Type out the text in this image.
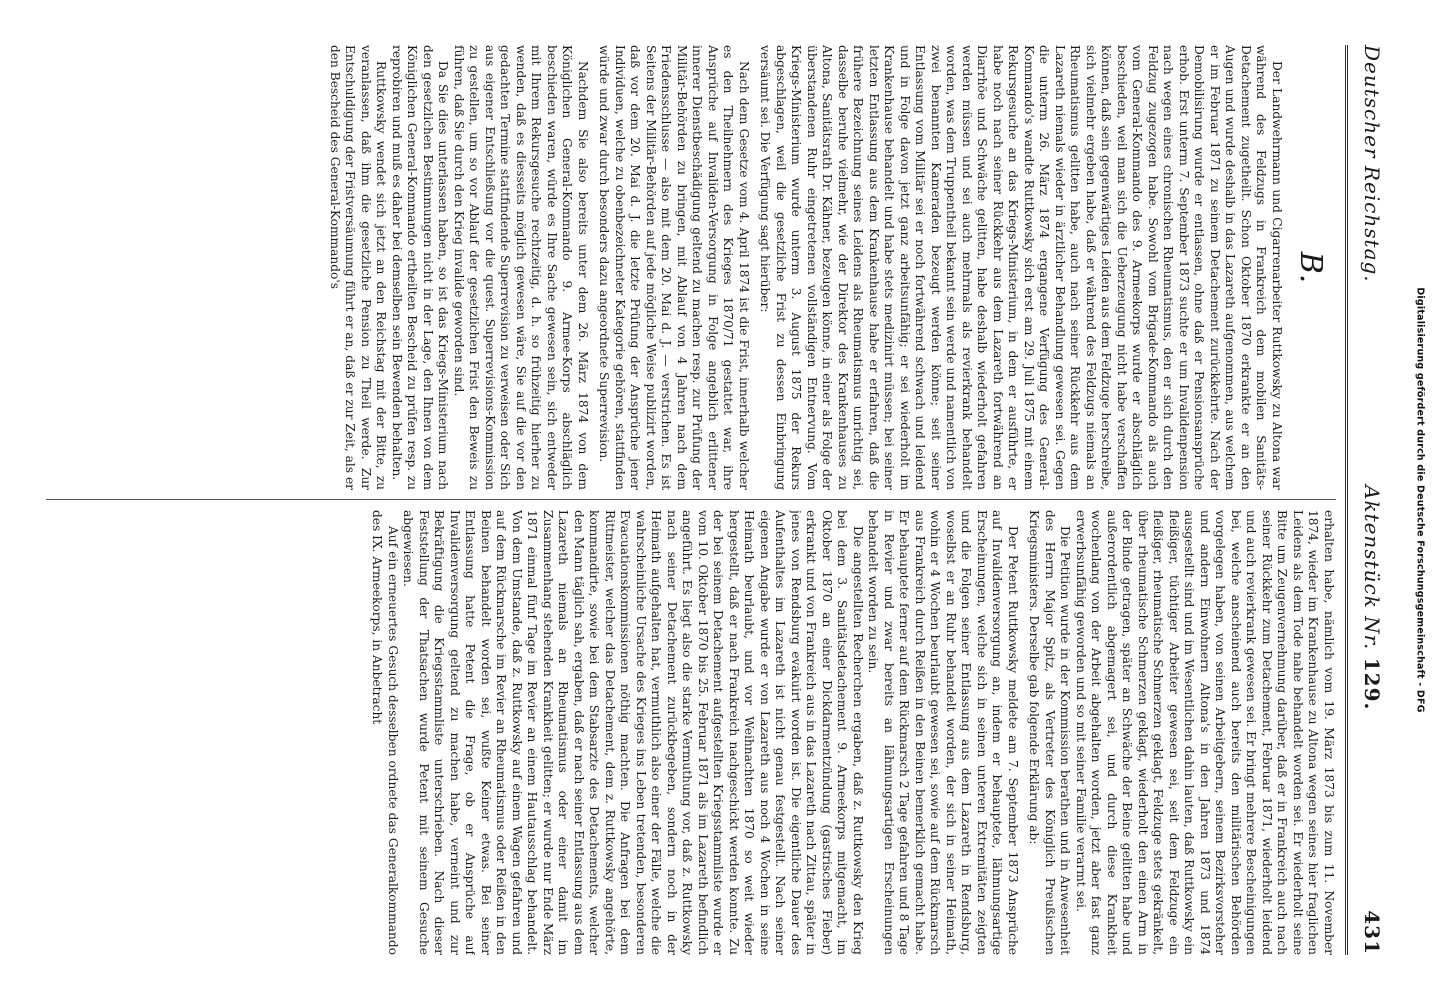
Deutscher Reichstag.
Aktenstück Nr. 129.
431
B.

Der Landwehrmann und Cigarrenarbeiter Ruttkowsky zu Altona war während des Feldzugs in Frankreich dem mobilen Sanitäts-Detachement zugetheilt. Schon Oktober 1870 erkrankte er an den Augen und wurde deshalb in das Lazareth aufgenommen, aus welchem er im Februar 1871 zu seinem Detachement zurückkehrte. Nach der Demobilisirung wurde er entlassen, ohne daß er Pensionsansprüche erhob. Erst unterm 7. September 1873 suchte er um Invalidenpension nach wegen eines chronischen Rheumatismus, den er sich durch den Feldzug zugezogen habe. Sowohl vom Brigade-Kommando als auch vom General-Kommando des 9. Armeekorps wurde er abschläglich beschieden, weil man sich die Ueberzeugung nicht habe verschaffen können, daß sein gegenwärtiges Leiden aus dem Feldzuge herschreibe, sich vielmehr ergeben habe, daß er während des Feldzugs niemals an Rheumatismus gelitten habe, auch nach seiner Rückkehr aus dem Lazareth niemals wieder in ärztlicher Behandlung gewesen sei. Gegen die unterm 26. März 1874 ergangene Verfügung des General-Kommando's wandte Ruttkowsky sich erst am 29. Juli 1875 mit einem Rekursgesuche an das Kriegs-Ministerium, in dem er ausführte, er habe noch nach seiner Rückkehr aus dem Lazareth fortwährend an Diarrhöe und Schwäche gelitten, habe deshalb wiederholt gefahren werden müssen und sei auch mehrmals als revierkrank behandelt worden, was dem Truppentheil bekannt sein werde und namentlich von zwei benannten Kameraden bezeugt werden könne; seit seiner Entlassung vom Militär sei er noch fortwährend schwach und leidend und in Folge davon jetzt ganz arbeitsunfähig; er sei wiederholt im Krankenhause behandelt und habe stets medizinirt müssen; bei seiner letzten Entlassung aus dem Krankenhause habe er erfahren, daß die frühere Bezeichnung seines Leidens als Rheumatismus unrichtig sei, dasselbe beruhe vielmehr, wie der Direktor des Krankenhauses zu Altona, Sanitätsrath Dr. Kähner, bezeugen könne, in einer als Folge der überstandenen Ruhr eingetretenen vollständigen Entnervung. Vom Kriegs-Ministerium wurde unterm 3. August 1875 der Rekurs abgeschlagen, weil die gesetzliche Frist zu dessen Einbringung versäumt sei. Die Verfügung sagt hierüber:

Nach dem Gesetze vom 4. April 1874 ist die Frist, innerhalb welcher es den Theilnehmern des Krieges 1870/71 gestattet war, ihre Ansprüche auf Invaliden-Versorgung in Folge angeblich erlittener innerer Dienstbeschädigung geltend zu machen resp. zur Prüfung der Militär-Behörden zu bringen, mit Ablauf von 4 Jahren nach dem Friedensschlusse — also mit dem 20. Mai d. J. — verstrichen. Es ist Seitens der Militär-Behörden auf jede mögliche Weise publizirt worden, daß vor dem 20. Mai d. J. die letzte Prüfung der Ansprüche jener Individuen, welche zu obenbezeichneter Kategorie gehören, stattfinden würde und zwar durch besonders dazu angeordnete Superrevision.

Nachdem Sie also bereits unter dem 26. März 1874 von dem Königlichen General-Kommando 9. Armee-Korps abschläglich beschieden waren, würde es Ihre Sache gewesen sein, sich entweder mit Ihrem Rekursgesuche rechtzeitig, d. h. so frühzeitig hierher zu wenden, daß es diesseits möglich gewesen wäre, Sie auf die vor den gedachten Termine stattfindende Superrevision zu verweisen oder Sich aus eigener Entschließung vor die quest. Superrevisions-Kommission zu gestellen, um so vor Ablauf der gesetzlichen Frist den Beweis zu führen, daß Sie durch den Krieg invalide geworden sind.

Da Sie dies unterlassen haben, so ist das Kriegs-Ministerium nach den gesetzlichen Bestimmungen nicht in der Lage, den Ihnen von dem Königlichen General-Kommando ertheilten Bescheid zu prüfen resp. zu reprobiren und muß es daher bei demselben sein Bewenden behalten.

Ruttkowsky wendet sich jetzt an den Reichstag mit der Bitte, zu veranlassen, daß ihm die gesetzliche Pension zu Theil werde. Zur Entschuldigung der Fristversäumung führt er an, daß er zur Zeit, als er den Bescheid des General-Kommando's

erhalten habe, nämlich vom 19. März 1873 bis zum 11. November 1874, wieder im Krankenhause zu Altona wegen seines hier fraglichen Leidens als dem Tode nahe behandelt worden sei. Er wiederholt seine Bitte um Zeugenvernehmung darüber, daß er in Frankreich auch nach seiner Rückkehr zum Detachement, Februar 1871, wiederholt leidend und auch revierkrank gewesen sei. Er bringt mehrere Bescheinigungen bei, welche anscheinend auch bereits den militärischen Behörden vorgelegen haben, von seinen Arbeitgebern, seinem Bezirksvorsteher und andern Einwohnern Altona's in den Jahren 1873 und 1874 ausgestellt sind und im Wesentlichen dahin lauten, daß Ruttkowsky ein fleißiger, tüchtiger Arbeiter gewesen sei, seit dem Feldzuge ein fleißiger, rheumatische Schmerzen geklagt, Feldzuge stets gekränkelt, über rheumatische Schmerzen geklagt, wiederholt den einen Arm in der Binde getragen, später an Schwäche der Beine gelitten habe und außerordentlich abgemagert sei, und durch diese Krankheit wochenlang von der Arbeit abgehalten worden, jetzt aber fast ganz erwerbsunfähig geworden und so mit seiner Familie verarmt sei.

Die Petition wurde in der Kommission berathen und in Anwesenheit des Herrn Major Spitz, als Vertreter des Königlich Preußischen Kriegsministers. Derselbe gab folgende Erklärung ab:

Der Petent Ruttkowsky meldete am 7. September 1873 Ansprüche auf Invalidenversorgung an, indem er behauptete, lähmungsartige Erscheinungen, welche sich in seinen unteren Extremitäten zeigten und die Folgen seiner Entlassung aus dem Lazareth in Rendsburg, woselbst er an Ruhr behandelt worden, der sich in seiner Heimath, wohin er 4 Wochen beurlaubt gewesen sei, sowie auf dem Rückmarsch aus Frankreich durch Reißen in den Beinen bemerklich gemacht habe. Er behauptete ferner auf dem Rückmarsch 2 Tage gefahren und 8 Tage in Revier und zwar bereits an lähmungsartigen Erscheinungen behandelt worden zu sein.

Die angestellten Recherchen ergaben, daß z. Ruttkowsky den Krieg bei dem 3. Sanitätsdetachement 9. Armeekorps mitgemacht, im Oktober 1870 an einer Dickdarmentzündung (gastrisches Fieber) erkrankt und von Frankreich aus in das Lazareth nach Zittau, später in jenes von Rendsburg evakuirt worden ist. Die eigentliche Dauer des Aufenthaltes im Lazareth ist nicht genau festgestellt. Nach seiner eigenen Angabe wurde er von Lazareth aus noch 4 Wochen in seine Heimath beurlaubt, und vor Weihnachten 1870 so weit wieder hergestellt, daß er nach Frankreich nachgeschickt werden konnte. Zu der bei seinem Detachement aufgestellten Kriegsstammliste wurde er vom 10. Oktober 1870 bis 25. Februar 1871 als im Lazareth befindlich angeführt. Es liegt also die starke Vermuthung vor, daß z. Ruttkowsky nach seiner Detachement zurückbegeben, sondern noch in der Heimath aufgehalten hat, vermuthlich also einer der Fälle, welche die wahrscheinliche Ursache des Krieges ins Leben tretenden, besonderen Evacuationskommissionen nöthig machten. Die Anfragen bei dem Rittmeister, welcher das Detachement, dem z. Ruttkowsky angehörte, kommandirte, sowie bei dem Stabsarzte des Detachements, welcher den Mann täglich sah, ergaben, daß er nach seiner Entlassung aus dem Lazareth niemals an Rheumatismus oder einer damit im Zusammenhang stehenden Krankheit gelitten; er wurde nur Ende März 1871 einmal fünf Tage im Revier an einem Hautausschlag behandelt. Von dem Umstande, daß z. Ruttkowsky auf einem Wagen gefahren und auf dem Rückmarsche im Revier an Rheumatismus oder Reißen in den Beinen behandelt worden sei, wußte Keiner etwas. Bei seiner Entlassung hatte Petent die Frage, ob er Ansprüche auf Invalidenversorgung geltend zu machen habe, verneint und zur Bekräftigung die Kriegsstammliste unterschrieben. Nach dieser Feststellung der Thatsachen wurde Petent mit seinem Gesuche abgewiesen.

Auf ein erneuertes Gesuch desselben ordnete das Generalkommando des IX. Armeekorps, in Anbetracht	Digitalisierung gefördert durch die Deutsche Forschungsgemeinschaft - DFG
